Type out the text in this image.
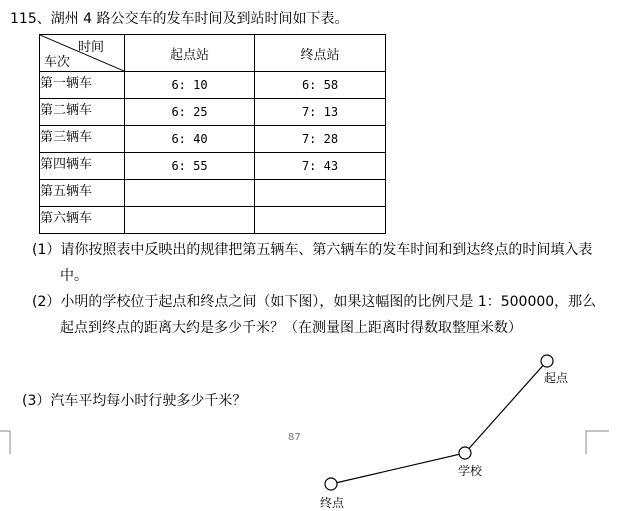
115、湖州 4 路公交车的发车时间及到站时间如下表。
时间
车次	起点站	终点站
第一辆车	6: 10	6: 58
第二辆车	6: 25	7: 13
第三辆车	6: 40	7: 28
第四辆车	6: 55	7: 43
第五辆车		
第六辆车		
(1）请你按照表中反映出的规律把第五辆车、第六辆车的发车时间和到达终点的时间填入表
中。
(2）小明的学校位于起点和终点之间（如下图），如果这幅图的比例尺是 1：500000，那么
起点到终点的距离大约是多少千米？（在测量图上距离时得数取整厘米数）
(3）汽车平均每小时行驶多少千米？
87
起点
学校
终点
